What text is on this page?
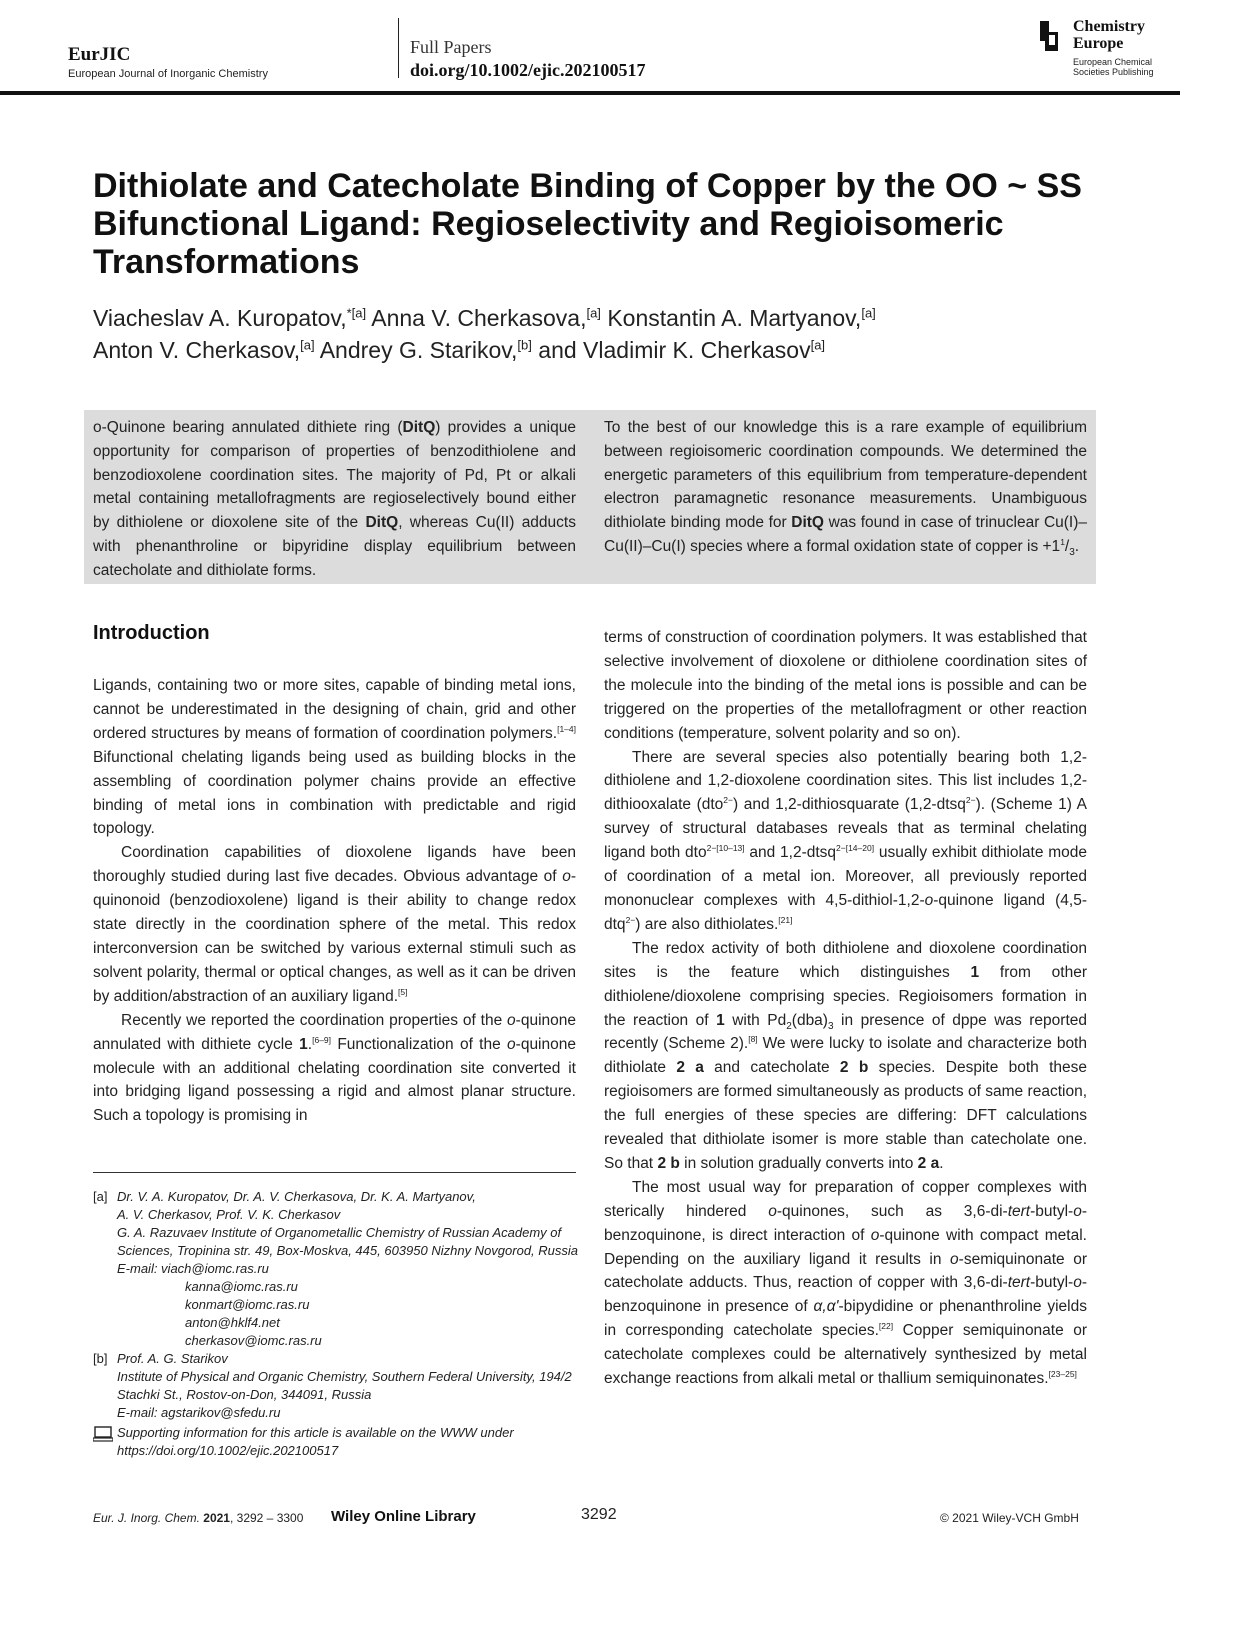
EurJIC
European Journal of Inorganic Chemistry
Full Papers
doi.org/10.1002/ejic.202100517
Chemistry
Europe
European Chemical
Societies Publishing
Dithiolate and Catecholate Binding of Copper by the OO ~ SS Bifunctional Ligand: Regioselectivity and Regioisomeric Transformations
Viacheslav A. Kuropatov,$^{*[a]}$ Anna V. Cherkasova,[a] Konstantin A. Martyanov,[a]
Anton V. Cherkasov,[a] Andrey G. Starikov,[b] and Vladimir K. Cherkasov[a]
o-Quinone bearing annulated dithiete ring (DitQ) provides a unique opportunity for comparison of properties of benzodithiolene and benzodioxolene coordination sites. The majority of Pd, Pt or alkali metal containing metallofragments are regioselectively bound either by dithiolene or dioxolene site of the DitQ, whereas Cu(II) adducts with phenanthroline or bipyridine display equilibrium between catecholate and dithiolate forms.
To the best of our knowledge this is a rare example of equilibrium between regioisomeric coordination compounds. We determined the energetic parameters of this equilibrium from temperature-dependent electron paramagnetic resonance measurements. Unambiguous dithiolate binding mode for DitQ was found in case of trinuclear Cu(I)–Cu(II)–Cu(I) species where a formal oxidation state of copper is $+1^1/_3$.
Introduction

Ligands, containing two or more sites, capable of binding metal ions, cannot be underestimated in the designing of chain, grid and other ordered structures by means of formation of coordination polymers.[1–4] Bifunctional chelating ligands being used as building blocks in the assembling of coordination polymer chains provide an effective binding of metal ions in combination with predictable and rigid topology.

Coordination capabilities of dioxolene ligands have been thoroughly studied during last five decades. Obvious advantage of o-quinonoid (benzodioxolene) ligand is their ability to change redox state directly in the coordination sphere of the metal. This redox interconversion can be switched by various external stimuli such as solvent polarity, thermal or optical changes, as well as it can be driven by addition/abstraction of an auxiliary ligand.[5]

Recently we reported the coordination properties of the o-quinone annulated with dithiete cycle 1.[6–9] Functionalization of the o-quinone molecule with an additional chelating coordination site converted it into bridging ligand possessing a rigid and almost planar structure. Such a topology is promising in

terms of construction of coordination polymers. It was established that selective involvement of dioxolene or dithiolene coordination sites of the molecule into the binding of the metal ions is possible and can be triggered on the properties of the metallofragment or other reaction conditions (temperature, solvent polarity and so on).

There are several species also potentially bearing both 1,2-dithiolene and 1,2-dioxolene coordination sites. This list includes 1,2-dithiooxalate (dto$^{2-}$) and 1,2-dithiosquarate (1,2-dtsq$^{2-}$). (Scheme 1) A survey of structural databases reveals that as terminal chelating ligand both dto$^{2-[10-13]}$ and 1,2-dtsq$^{2-[14-20]}$ usually exhibit dithiolate mode of coordination of a metal ion. Moreover, all previously reported mononuclear complexes with 4,5-dithiol-1,2-o-quinone ligand (4,5-dtq$^{2-}$) are also dithiolates.[21]

The redox activity of both dithiolene and dioxolene coordination sites is the feature which distinguishes 1 from other dithiolene/dioxolene comprising species. Regioisomers formation in the reaction of 1 with $Pd_2(dba)_3$ in presence of dppe was reported recently (Scheme 2).[8] We were lucky to isolate and characterize both dithiolate 2 a and catecholate 2 b species. Despite both these regioisomers are formed simultaneously as products of same reaction, the full energies of these species are differing: DFT calculations revealed that dithiolate isomer is more stable than catecholate one. So that 2 b in solution gradually converts into 2 a.

The most usual way for preparation of copper complexes with sterically hindered o-quinones, such as 3,6-di-tert-butyl-o-benzoquinone, is direct interaction of o-quinone with compact metal. Depending on the auxiliary ligand it results in o-semiquinonate or catecholate adducts. Thus, reaction of copper with 3,6-di-tert-butyl-o-benzoquinone in presence of α,α'-bipydidine or phenanthroline yields in corresponding catecholate species.[22] Copper semiquinonate or catecholate complexes could be alternatively synthesized by metal exchange reactions from alkali metal or thallium semiquinonates.[23–25]

[a] Dr. V. A. Kuropatov, Dr. A. V. Cherkasova, Dr. K. A. Martyanov,
A. V. Cherkasov, Prof. V. K. Cherkasov
G. A. Razuvaev Institute of Organometallic Chemistry of Russian Academy of Sciences, Tropinina str. 49, Box-Moskva, 445, 603950 Nizhny Novgorod, Russia
E-mail: viach@iomc.ras.ru
kanna@iomc.ras.ru
konmart@iomc.ras.ru
anton@hklf4.net
cherkasov@iomc.ras.ru
[b] Prof. A. G. Starikov
Institute of Physical and Organic Chemistry, Southern Federal University, 194/2 Stachki St., Rostov-on-Don, 344091, Russia
E-mail: agstarikov@sfedu.ru
Supporting information for this article is available on the WWW under https://doi.org/10.1002/ejic.202100517
Eur. J. Inorg. Chem. 2021, 3292 – 3300 Wiley Online Library	3292	© 2021 Wiley-VCH GmbH
